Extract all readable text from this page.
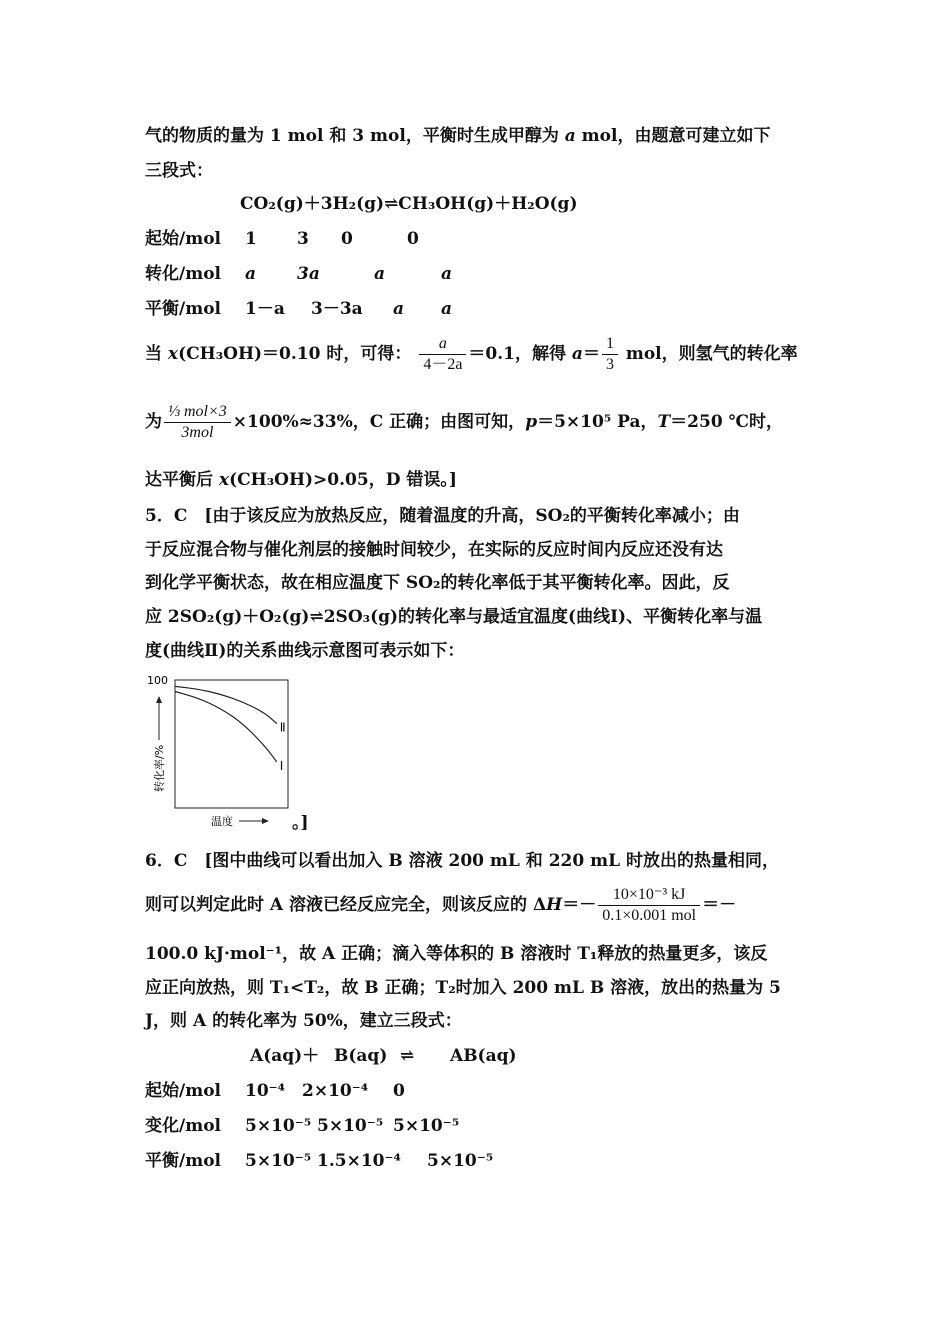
气的物质的量为 1 mol 和 3 mol，平衡时生成甲醇为 a mol，由题意可建立如下
三段式：
CO₂(g)＋3H₂(g)⇌CH₃OH(g)＋H₂O(g)
起始/mol 1 3 0	0
转化/mol a 3a	a	a
平衡/mol 1－a 3－3a a a
当 x(CH₃OH)＝0.10 时，可得： $\frac{a}{4-2a} =0.1$，解得 $a= \frac{1}{3}$ mol，则氢气的转化率
为 $\frac{\text{⅓ mol×3}}{\text{3mol}} \times 100\%\approx 33\%$，C 正确；由图可知，p＝5×10⁵ Pa，T＝250 ℃时，
达平衡后 x(CH₃OH)>0.05，D 错误。]
5．C　[由于该反应为放热反应，随着温度的升高，SO₂的平衡转化率减小；由
于反应混合物与催化剂层的接触时间较少，在实际的反应时间内反应还没有达
到化学平衡状态，故在相应温度下 SO₂的转化率低于其平衡转化率。因此，反
应 2SO₂(g)＋O₂(g)⇌2SO₃(g)的转化率与最适宜温度(曲线Ⅰ)、平衡转化率与温
度(曲线Ⅱ)的关系曲线示意图可表示如下：
100
转化率/%
温度
Ⅱ
Ⅰ
。]
6．C　[图中曲线可以看出加入 B 溶液 200 mL 和 220 mL 时放出的热量相同，
则可以判定此时 A 溶液已经反应完全，则该反应的 $\Delta H=- \frac{\text{10×10⁻³ kJ}}{\text{0.1×0.001 mol}}$ ＝－
100.0 kJ·mol⁻¹，故 A 正确；滴入等体积的 B 溶液时 T₁释放的热量更多，该反
应正向放热，则 T₁<T₂，故 B 正确；T₂时加入 200 mL B 溶液，放出的热量为 5
J，则 A 的转化率为 50%，建立三段式：
A(aq)＋ B(aq) ⇌ AB(aq)
起始/mol 10⁻⁴ 2×10⁻⁴ 0
变化/mol 5×10⁻⁵ 5×10⁻⁵ 5×10⁻⁵
平衡/mol 5×10⁻⁵ 1.5×10⁻⁴ 5×10⁻⁵
